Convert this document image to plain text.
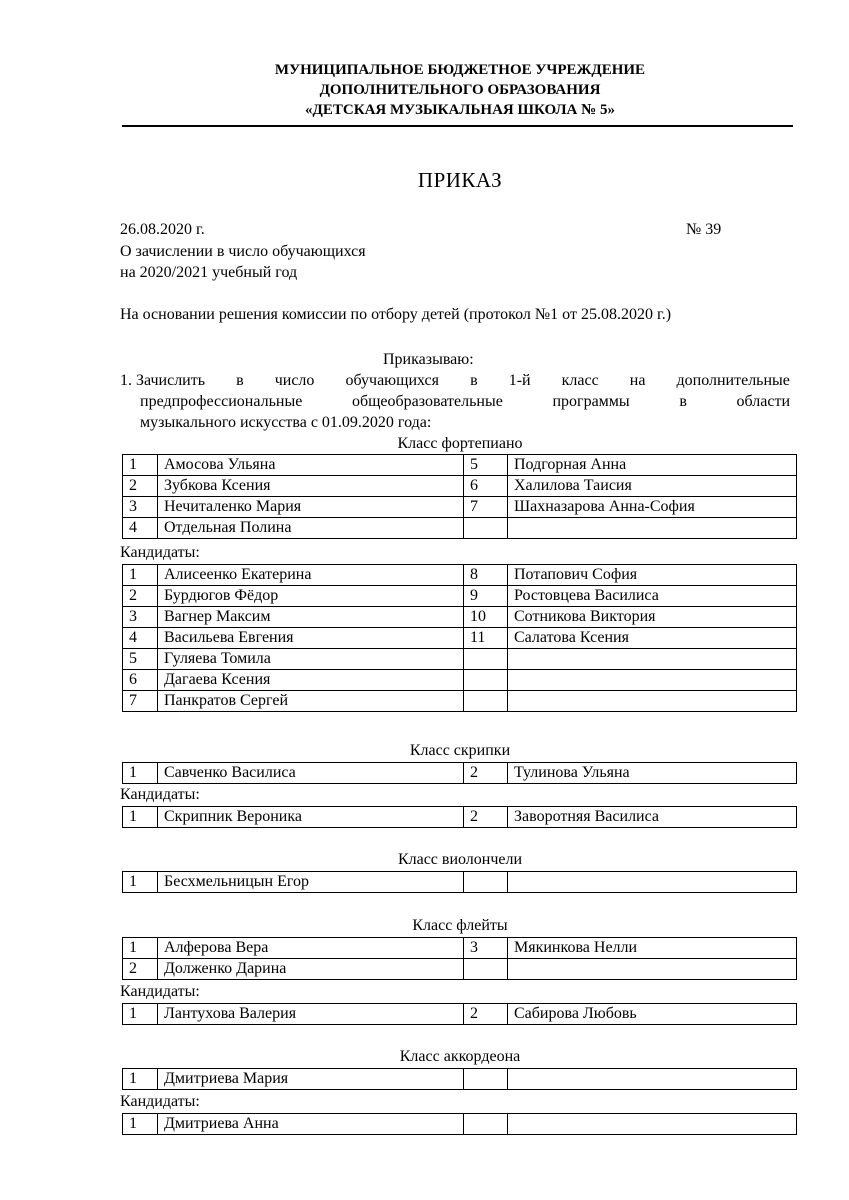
МУНИЦИПАЛЬНОЕ БЮДЖЕТНОЕ УЧРЕЖДЕНИЕ
ДОПОЛНИТЕЛЬНОГО ОБРАЗОВАНИЯ
«ДЕТСКАЯ МУЗЫКАЛЬНАЯ ШКОЛА № 5»
ПРИКАЗ
26.08.2020 г.	№ 39
О зачислении в число обучающихся
на 2020/2021 учебный год
На основании решения комиссии по отбору детей (протокол №1 от 25.08.2020 г.)
Приказываю:
1. Зачислить в число обучающихся в 1-й класс на дополнительные
предпрофессиональные	общеобразовательные	программы	в	области
музыкального искусства с 01.09.2020 года:
Класс фортепиано
1	Амосова Ульяна	5	Подгорная Анна
2	Зубкова Ксения	6	Халилова Таисия
3	Нечиталенко Мария	7	Шахназарова Анна-София
4	Отдельная Полина		
Кандидаты:
1	Алисеенко Екатерина	8	Потапович София
2	Бурдюгов Фёдор	9	Ростовцева Василиса
3	Вагнер Максим	10	Сотникова Виктория
4	Васильева Евгения	11	Салатова Ксения
5	Гуляева Томила		
6	Дагаева Ксения		
7	Панкратов Сергей		
Класс скрипки
1	Савченко Василиса	2	Тулинова Ульяна
Кандидаты:
1	Скрипник Вероника	2	Заворотняя Василиса
Класс виолончели
1	Бесхмельницын Егор		
Класс флейты
1	Алферова Вера	3	Мякинкова Нелли
2	Долженко Дарина		
Кандидаты:
1	Лантухова Валерия	2	Сабирова Любовь
Класс аккордеона
1	Дмитриева Мария		
Кандидаты:
1	Дмитриева Анна		
